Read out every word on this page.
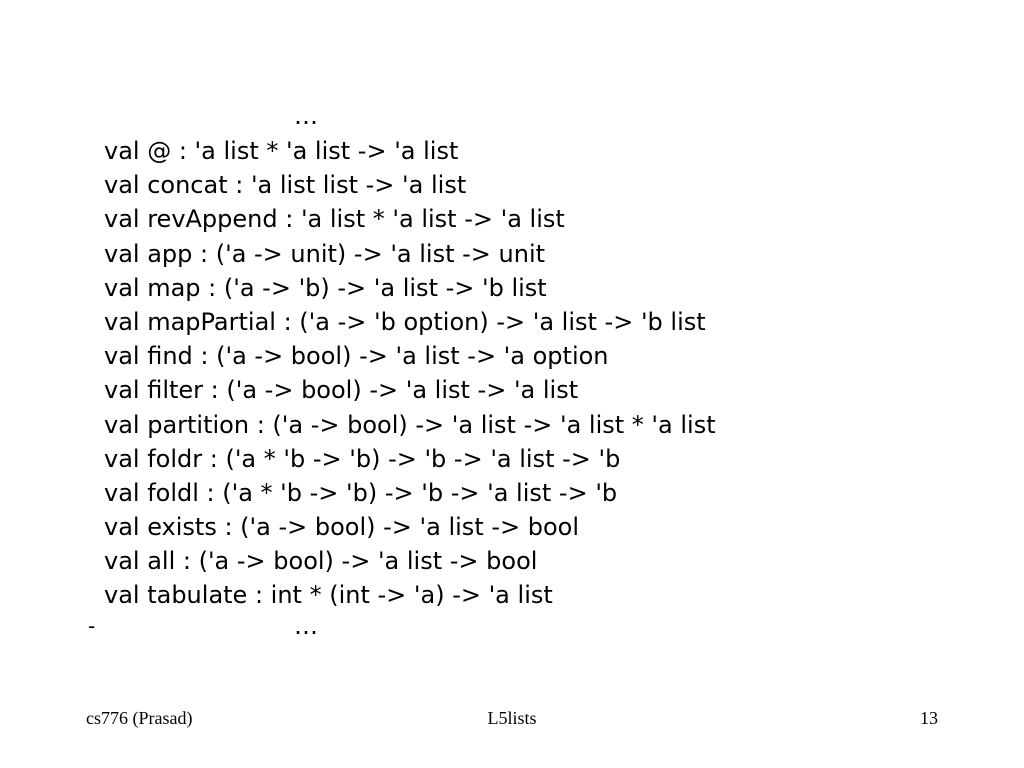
…
val @ : 'a list * 'a list -> 'a list
val concat : 'a list list -> 'a list
val revAppend : 'a list * 'a list -> 'a list
val app : ('a -> unit) -> 'a list -> unit
val map : ('a -> 'b) -> 'a list -> 'b list
val mapPartial : ('a -> 'b option) -> 'a list -> 'b list
val find : ('a -> bool) -> 'a list -> 'a option
val filter : ('a -> bool) -> 'a list -> 'a list
val partition : ('a -> bool) -> 'a list -> 'a list * 'a list
val foldr : ('a * 'b -> 'b) -> 'b -> 'a list -> 'b
val foldl : ('a * 'b -> 'b) -> 'b -> 'a list -> 'b
val exists : ('a -> bool) -> 'a list -> bool
val all : ('a -> bool) -> 'a list -> bool
val tabulate : int * (int -> 'a) -> 'a list
-	…
cs776 (Prasad)	L5lists	13
